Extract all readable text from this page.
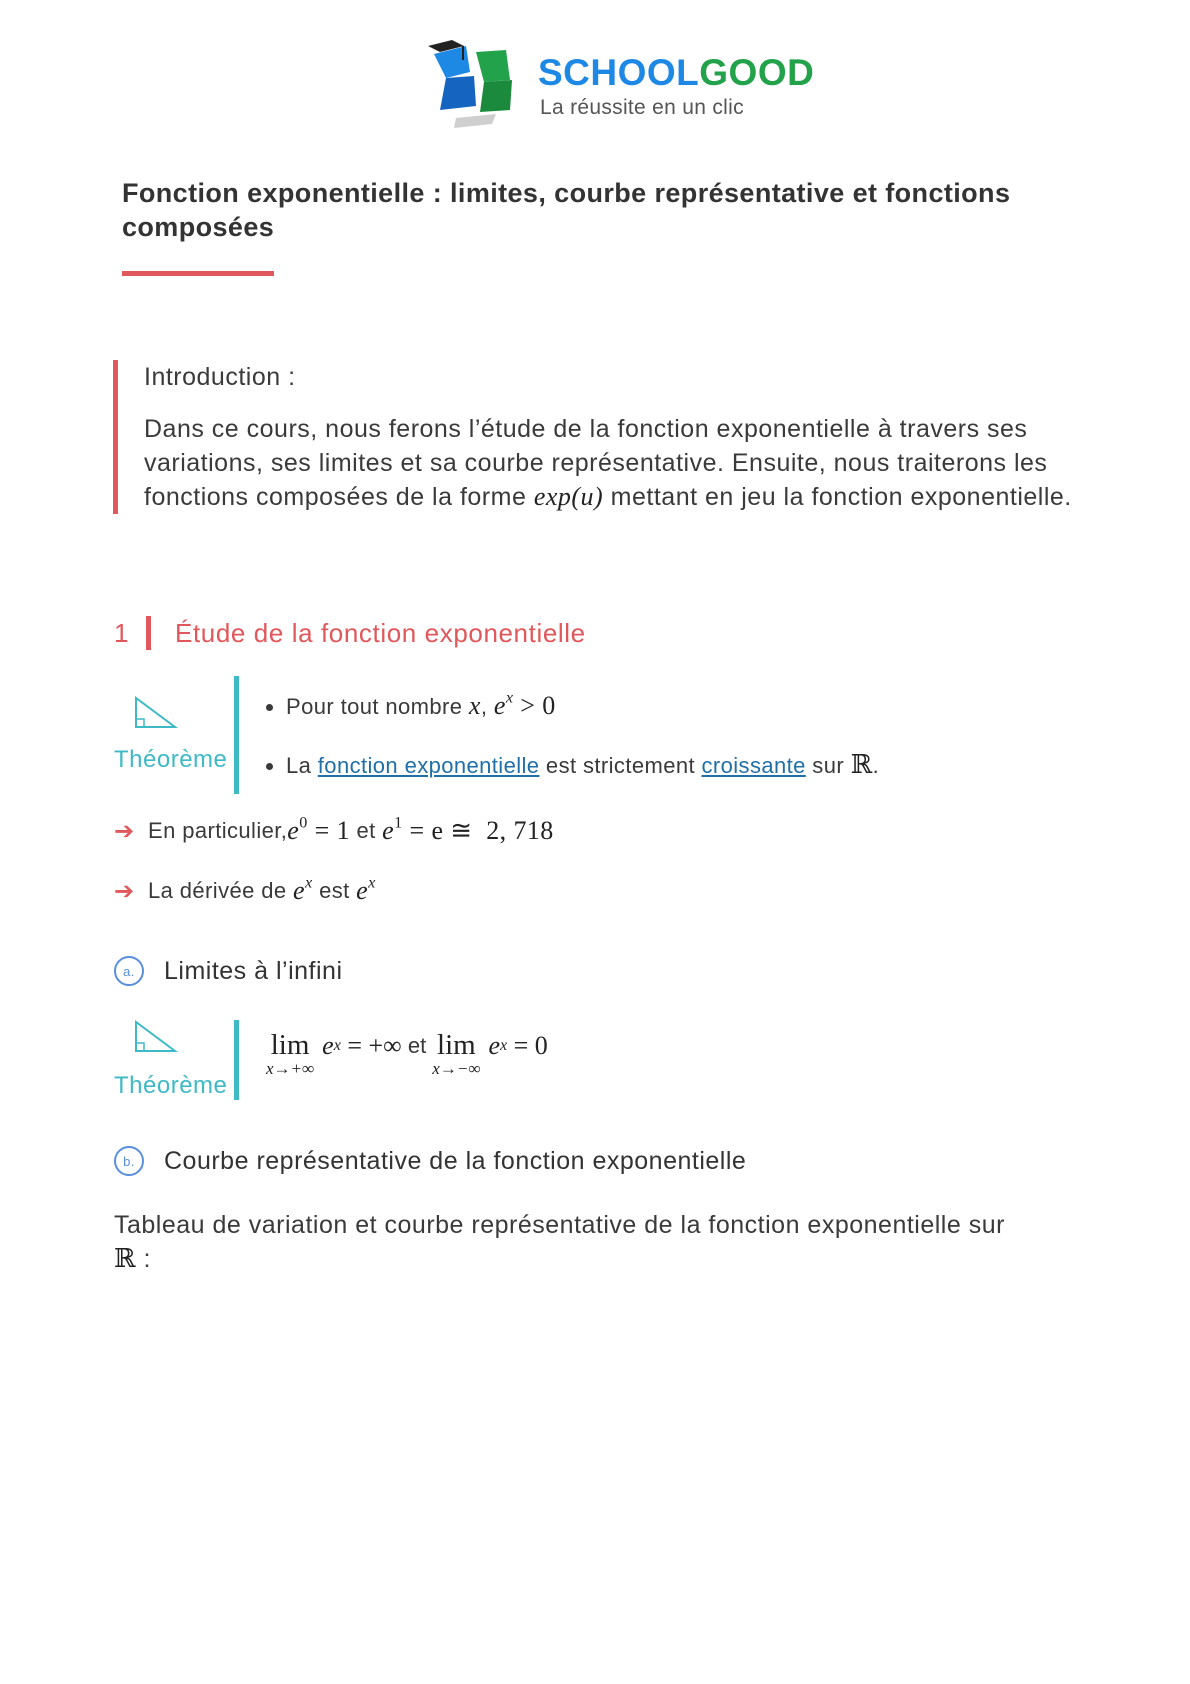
SCHOOLGOOD
La réussite en un clic
Fonction exponentielle : limites, courbe représentative et fonctions composées
Introduction :

Dans ce cours, nous ferons l’étude de la fonction exponentielle à travers ses variations, ses limites et sa courbe représentative. Ensuite, nous traiterons les fonctions composées de la forme exp(u) mettant en jeu la fonction exponentielle.

1	Étude de la fonction exponentielle
Théorème
• Pour tout nombre x, $e^x > 0$
• La fonction exponentielle est strictement croissante sur ℝ.
➔ En particulier, $e^0 = 1$ et $e^1 = e$ ≅  2, 718
➔ La dérivée de $e^x$ est $e^x$
a.	Limites à l’infini
Théorème
lim
x→+∞
e x = +∞ et lim
x→−∞
e x = 0
b.	Courbe représentative de la fonction exponentielle

Tableau de variation et courbe représentative de la fonction exponentielle sur ℝ :
